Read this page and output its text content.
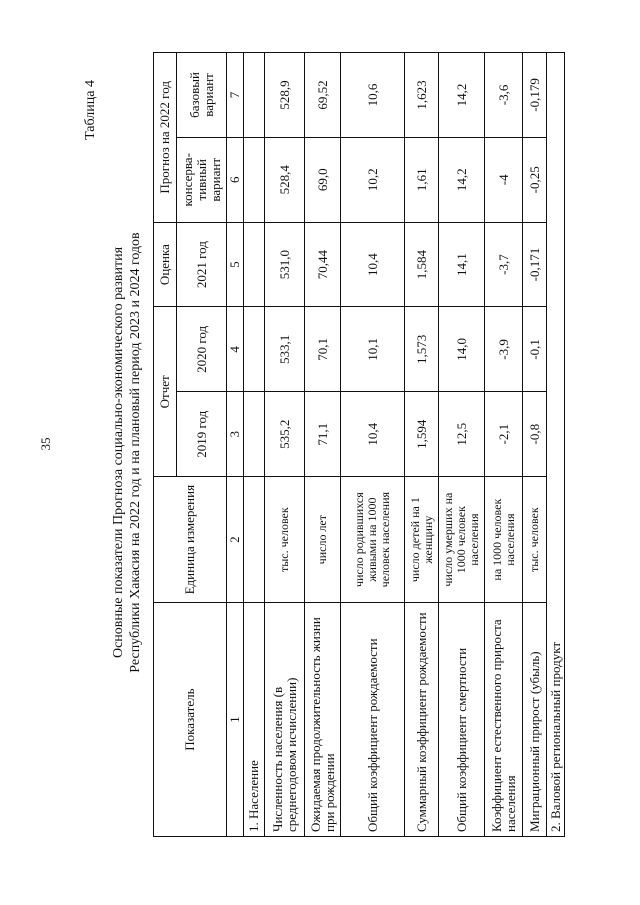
35
Таблица 4
Основные показатели Прогноза социально-экономического развития Республики Хакасия на 2022 год и на плановый период 2023 и 2024 годов
Показатель	Единица измерения	Отчет		Оценка	Прогноз на 2022 год	
		2019 год	2020 год	2021 год	консерва-тивный вариант	базовый вариант
1	2	3	4	5	6	7
1. Население						
Численность населения (в среднегодовом исчислении)	тыс. человек	535,2	533,1	531,0	528,4	528,9
Ожидаемая продолжительность жизни при рождении	число лет	71,1	70,1	70,44	69,0	69,52
Общий коэффициент рождаемости	число родившихся живыми на 1000 человек населения	10,4	10,1	10,4	10,2	10,6
Суммарный коэффициент рождаемости	число детей на 1 женщину	1,594	1,573	1,584	1,61	1,623
Общий коэффициент смертности	число умерших на 1000 человек населения	12,5	14,0	14,1	14,2	14,2
Коэффициент естественного прироста населения	на 1000 человек населения	-2,1	-3,9	-3,7	-4	-3,6
Миграционный прирост (убыль)	тыс. человек	-0,8	-0,1	-0,171	-0,25	-0,179
2. Валовой региональный продукт						
